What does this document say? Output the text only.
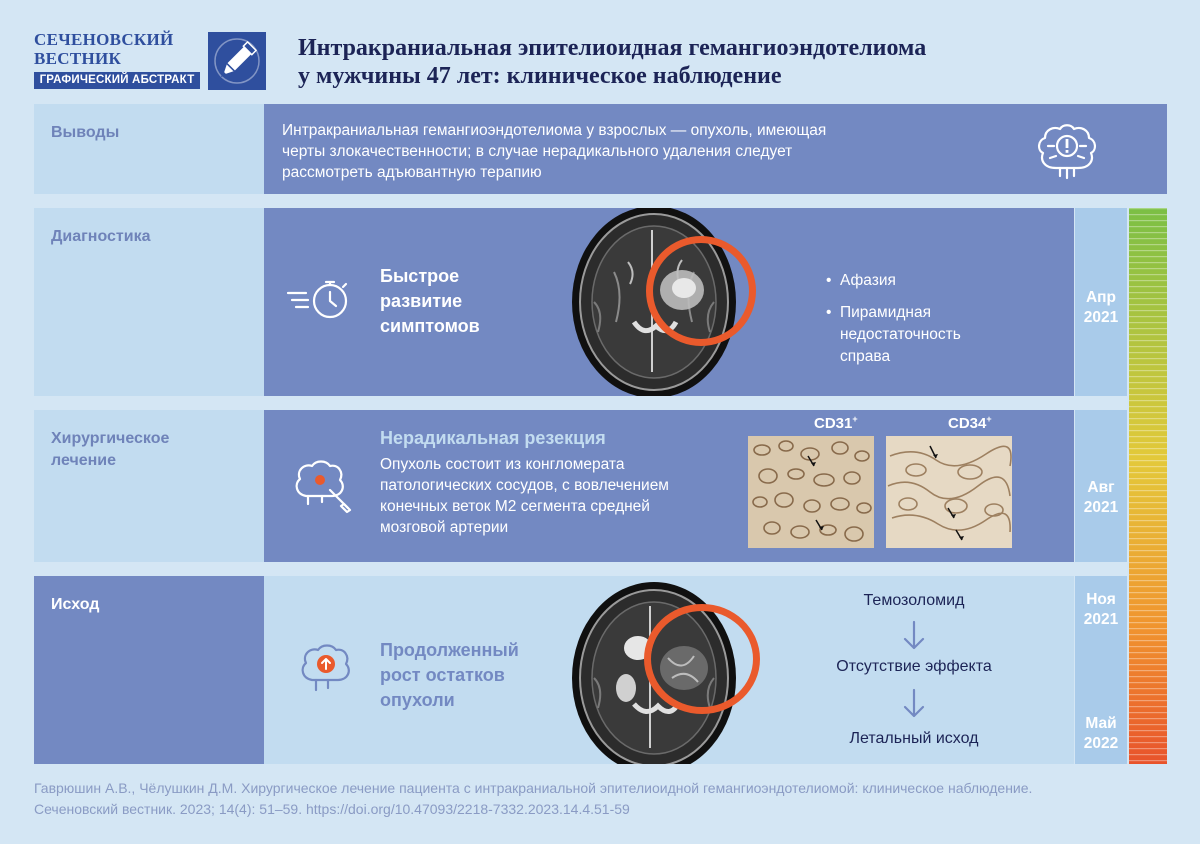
СЕЧЕНОВСКИЙ
ВЕСТНИК
ГРАФИЧЕСКИЙ АБСТРАКТ
Интракраниальная эпителиоидная гемангиоэндотелиома
у мужчины 47 лет: клиническое наблюдение
Выводы	Интракраниальная гемангиоэндотелиома у взрослых — опухоль, имеющая
черты злокачественности; в случае нерадикального удаления следует
рассмотреть адъювантную терапию
Диагностика
Быстрое
развитие
симптомов
• Афазия
• Пирамидная
недостаточность
справа
Хирургическое
лечение
Нерадикальная резекция
Опухоль состоит из конгломерата
патологических сосудов, с вовлечением
конечных веток М2 сегмента средней
мозговой артерии
CD31+	CD34+
Исход
Продолженный
рост остатков
опухоли
Темозоломид
Отсутствие эффекта
Летальный исход
Апр
2021
Авг
2021
Ноя
2021
Май
2022
Гаврюшин А.В., Чёлушкин Д.М. Хирургическое лечение пациента с интракраниальной эпителиоидной гемангиоэндотелиомой: клиническое наблюдение.
Сеченовский вестник. 2023; 14(4): 51–59. https://doi.org/10.47093/2218-7332.2023.14.4.51-59
